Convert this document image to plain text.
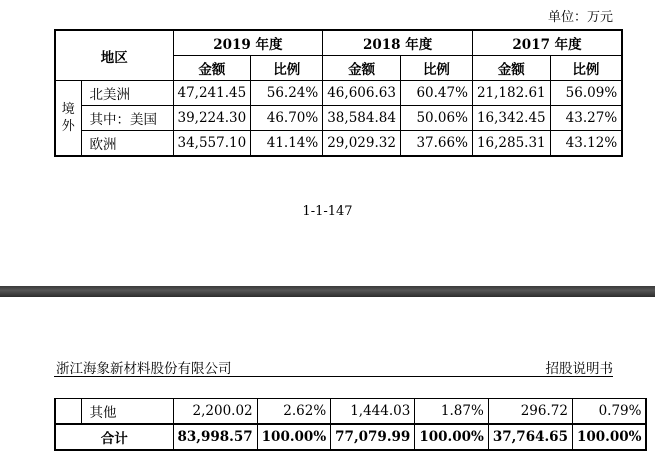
单位：万元
地区		2019 年度		2018 年度		2017 年度	
		金额	比例	金额	比例	金额	比例

境
外	北美洲	47,241.45	56.24%	46,606.63	60.47%	21,182.61	56.09%
	其中：美国	39,224.30	46.70%	38,584.84	50.06%	16,342.45	43.27%
	欧洲	34,557.10	41.14%	29,029.32	37.66%	16,285.31	43.12%
1-1-147
浙江海象新材料股份有限公司	招股说明书
	其他	2,200.02	2.62%	1,444.03	1.87%	296.72	0.79%
合计		83,998.57	100.00%	77,079.99	100.00%	37,764.65	100.00%
